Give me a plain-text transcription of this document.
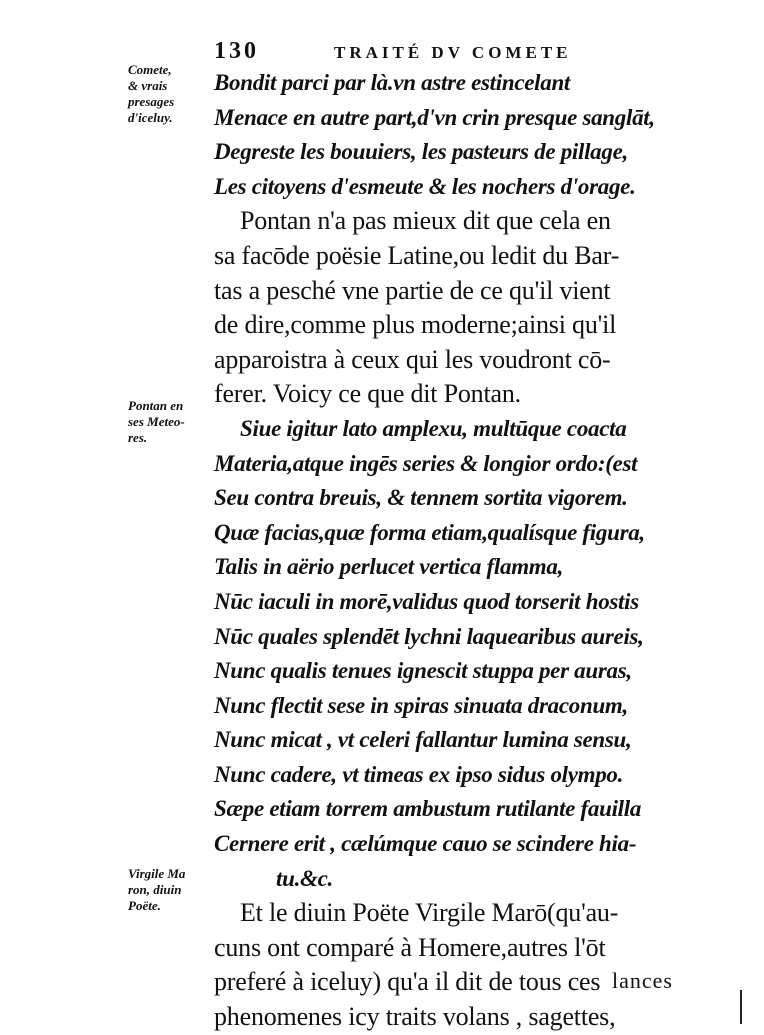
130	TRAITÉ DV COMETE
Comete,
& vrais
presages
d'iceluy.
Pontan en
ses Meteo-
res.
Virgile Ma
ron, diuin
Poëte.
Bondit parci par là.vn astre estincelant
Menace en autre part,d'vn crin presque sanglāt,
Degreste les bouuiers, les pasteurs de pillage,
Les citoyens d'esmeute & les nochers d'orage.
Pontan n'a pas mieux dit que cela en
sa facōde poësie Latine,ou ledit du Bar-
tas a pesché vne partie de ce qu'il vient
de dire,comme plus moderne;ainsi qu'il
apparoistra à ceux qui les voudront cō-
ferer. Voicy ce que dit Pontan.
Siue igitur lato amplexu, multūque coacta
Materia,atque ingēs series & longior ordo:(est
Seu contra breuis, & tennem sortita vigorem.
Quæ facias,quæ forma etiam,qualísque figura,
Talis in aërio perlucet vertica flamma,
Nūc iaculi in morē,validus quod torserit hostis
Nūc quales splendēt lychni laquearibus aureis,
Nunc qualis tenues ignescit stuppa per auras,
Nunc flectit sese in spiras sinuata draconum,
Nunc micat , vt celeri fallantur lumina sensu,
Nunc cadere, vt timeas ex ipso sidus olympo.
Sæpe etiam torrem ambustum rutilante fauilla
Cernere erit , cælúmque cauo se scindere hia-
tu.&c.
Et le diuin Poëte Virgile Marō(qu'au-
cuns ont comparé à Homere,autres l'ōt
preferé à iceluy) qu'a il dit de tous ces
phenomenes icy traits volans , sagettes,
lances
